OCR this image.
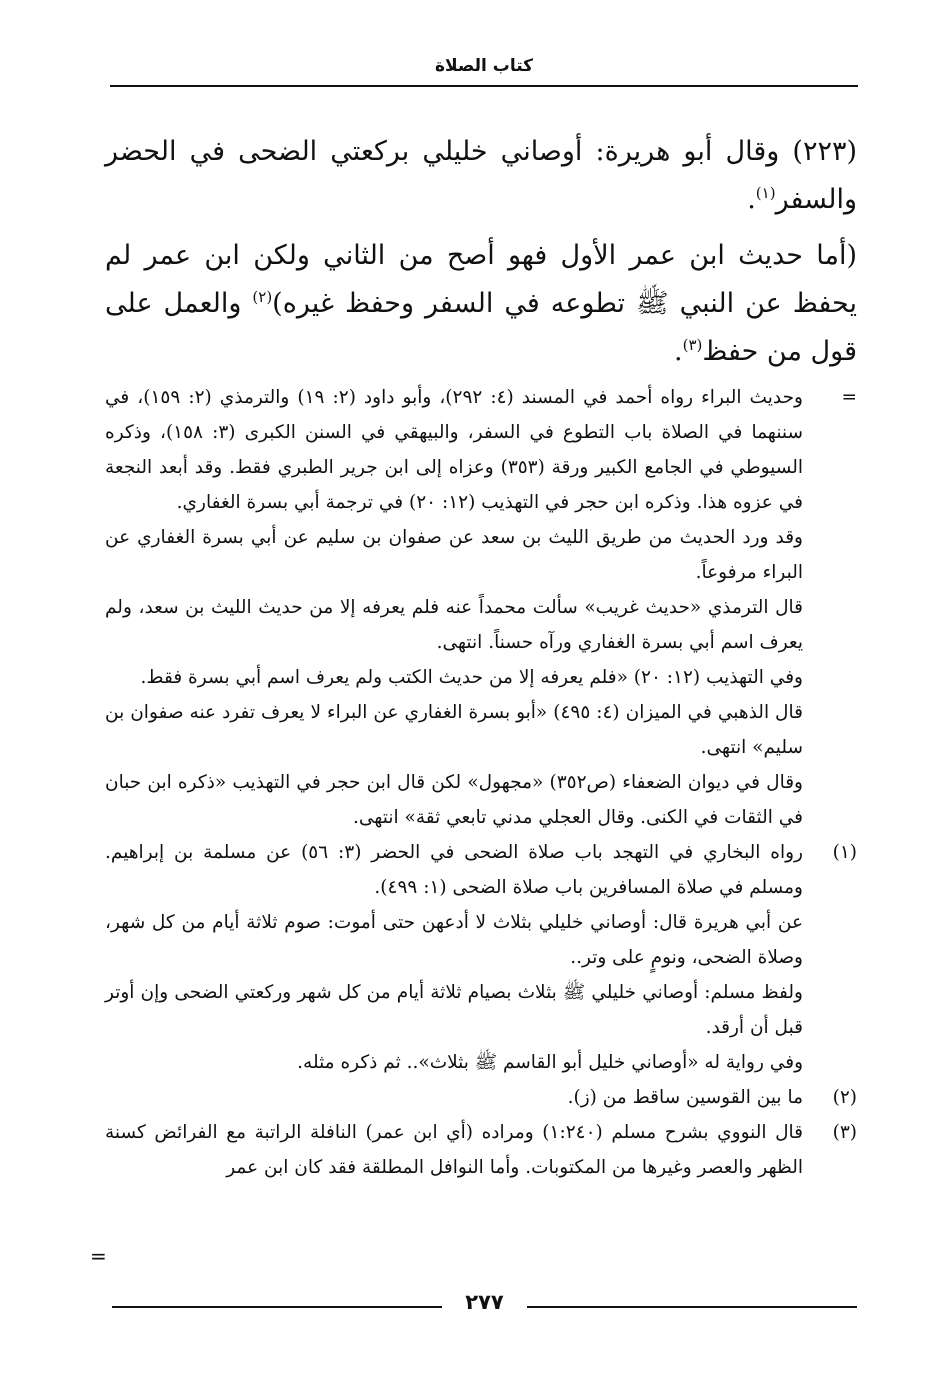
كتاب الصلاة
(٢٢٣) وقال أبو هريرة: أوصاني خليلي بركعتي الضحى في الحضر والسفر$^{(١)}$.
(أما حديث ابن عمر الأول فهو أصح من الثاني ولكن ابن عمر لم يحفظ عن النبي ﷺ تطوعه في السفر وحفظ غيره)$^{(٢)}$ والعمل على قول من حفظ$^{(٣)}$.
=
وحديث البراء رواه أحمد في المسند (٤: ٢٩٢)، وأبو داود (٢: ١٩) والترمذي (٢: ١٥٩)، في سننهما في الصلاة باب التطوع في السفر، والبيهقي في السنن الكبرى (٣: ١٥٨)، وذكره السيوطي في الجامع الكبير ورقة (٣٥٣) وعزاه إلى ابن جرير الطبري فقط. وقد أبعد النجعة في عزوه هذا. وذكره ابن حجر في التهذيب (١٢: ٢٠) في ترجمة أبي بسرة الغفاري.
وقد ورد الحديث من طريق الليث بن سعد عن صفوان بن سليم عن أبي بسرة الغفاري عن البراء مرفوعاً.
قال الترمذي «حديث غريب» سألت محمداً عنه فلم يعرفه إلا من حديث الليث بن سعد، ولم يعرف اسم أبي بسرة الغفاري ورآه حسناً. انتهى.
وفي التهذيب (١٢: ٢٠) «فلم يعرفه إلا من حديث الكتب ولم يعرف اسم أبي بسرة فقط.
قال الذهبي في الميزان (٤: ٤٩٥) «أبو بسرة الغفاري عن البراء لا يعرف تفرد عنه صفوان بن سليم» انتهى.
وقال في ديوان الضعفاء (ص٣٥٢) «مجهول» لكن قال ابن حجر في التهذيب «ذكره ابن حبان في الثقات في الكنى. وقال العجلي مدني تابعي ثقة» انتهى.
(١)
رواه البخاري في التهجد باب صلاة الضحى في الحضر (٣: ٥٦) عن مسلمة بن إبراهيم. ومسلم في صلاة المسافرين باب صلاة الضحى (١: ٤٩٩).
عن أبي هريرة قال: أوصاني خليلي بثلاث لا أدعهن حتى أموت: صوم ثلاثة أيام من كل شهر، وصلاة الضحى، ونومٍ على وتر..
ولفظ مسلم: أوصاني خليلي ﷺ بثلاث بصيام ثلاثة أيام من كل شهر وركعتي الضحى وإن أوتر قبل أن أرقد.
وفي رواية له «أوصاني خليل أبو القاسم ﷺ بثلاث».. ثم ذكره مثله.
(٢)
ما بين القوسين ساقط من (ز).
(٣)
قال النووي بشرح مسلم (١:٢٤٠) ومراده (أي ابن عمر) النافلة الراتبة مع الفرائض كسنة الظهر والعصر وغيرها من المكتوبات. وأما النوافل المطلقة فقد كان ابن عمر
=
٢٧٧
